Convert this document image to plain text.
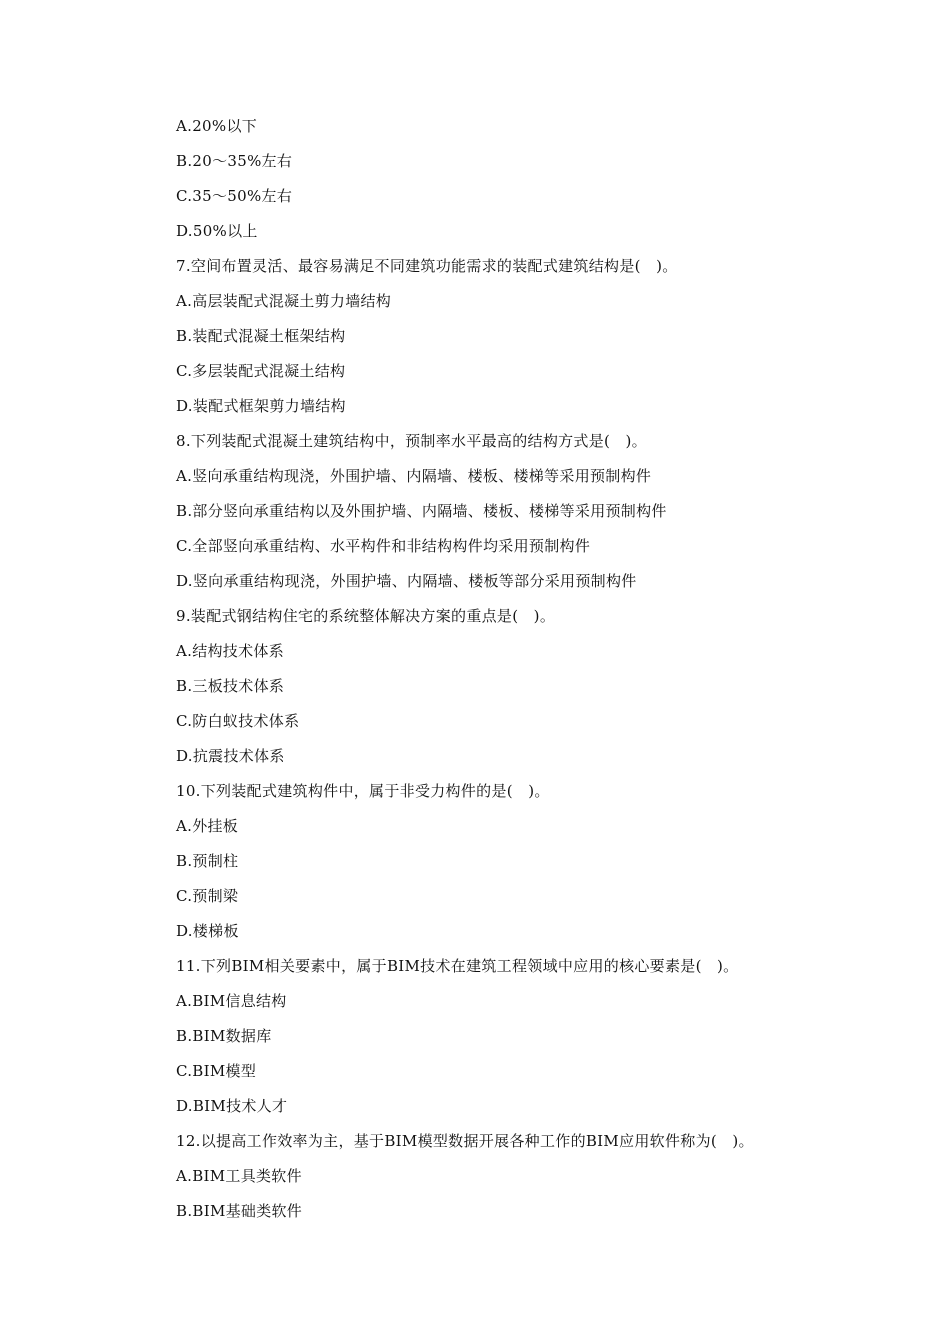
A.20%以下
B.20～35%左右
C.35～50%左右
D.50%以上
7.空间布置灵活、最容易满足不同建筑功能需求的装配式建筑结构是(　)。
A.高层装配式混凝土剪力墙结构
B.装配式混凝土框架结构
C.多层装配式混凝土结构
D.装配式框架剪力墙结构
8.下列装配式混凝土建筑结构中，预制率水平最高的结构方式是(　)。
A.竖向承重结构现浇，外围护墙、内隔墙、楼板、楼梯等采用预制构件
B.部分竖向承重结构以及外围护墙、内隔墙、楼板、楼梯等采用预制构件
C.全部竖向承重结构、水平构件和非结构构件均采用预制构件
D.竖向承重结构现浇，外围护墙、内隔墙、楼板等部分采用预制构件
9.装配式钢结构住宅的系统整体解决方案的重点是(　)。
A.结构技术体系
B.三板技术体系
C.防白蚁技术体系
D.抗震技术体系
10.下列装配式建筑构件中，属于非受力构件的是(　)。
A.外挂板
B.预制柱
C.预制梁
D.楼梯板
11.下列BIM相关要素中，属于BIM技术在建筑工程领域中应用的核心要素是(　)。
A.BIM信息结构
B.BIM数据库
C.BIM模型
D.BIM技术人才
12.以提高工作效率为主，基于BIM模型数据开展各种工作的BIM应用软件称为(　)。
A.BIM工具类软件
B.BIM基础类软件
